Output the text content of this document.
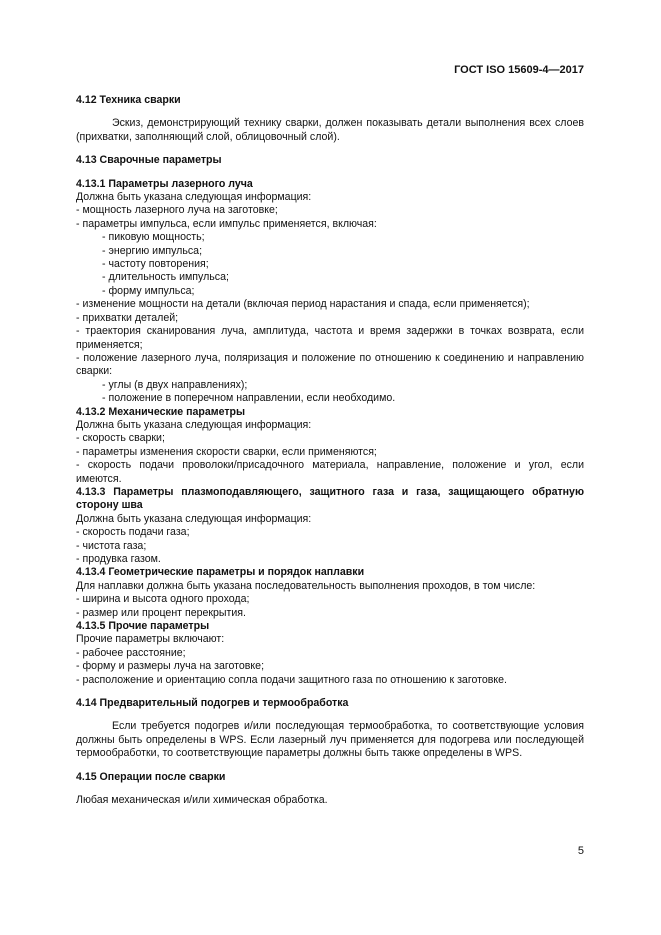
ГОСТ ISO 15609-4—2017

4.12 Техника сварки

Эскиз, демонстрирующий технику сварки, должен показывать детали выполнения всех слоев (прихватки, заполняющий слой, облицовочный слой).

4.13 Сварочные параметры

4.13.1 Параметры лазерного луча

Должна быть указана следующая информация:

- мощность лазерного луча на заготовке;

- параметры импульса, если импульс применяется, включая:

- пиковую мощность;

- энергию импульса;

- частоту повторения;

- длительность импульса;

- форму импульса;

- изменение мощности на детали (включая период нарастания и спада, если применяется);

- прихватки деталей;

- траектория сканирования луча, амплитуда, частота и время задержки в точках возврата, если применяется;

- положение лазерного луча, поляризация и положение по отношению к соединению и направлению сварки:

- углы (в двух направлениях);

- положение в поперечном направлении, если необходимо.

4.13.2 Механические параметры

Должна быть указана следующая информация:

- скорость сварки;

- параметры изменения скорости сварки, если применяются;

- скорость подачи проволоки/присадочного материала, направление, положение и угол, если имеются.

4.13.3 Параметры плазмоподавляющего, защитного газа и газа, защищающего обратную сторону шва

Должна быть указана следующая информация:

- скорость подачи газа;

- чистота газа;

- продувка газом.

4.13.4 Геометрические параметры и порядок наплавки

Для наплавки должна быть указана последовательность выполнения проходов, в том числе:

- ширина и высота одного прохода;

- размер или процент перекрытия.

4.13.5 Прочие параметры

Прочие параметры включают:

- рабочее расстояние;

- форму и размеры луча на заготовке;

- расположение и ориентацию сопла подачи защитного газа по отношению к заготовке.

4.14 Предварительный подогрев и термообработка

Если требуется подогрев и/или последующая термообработка, то соответствующие условия должны быть определены в WPS. Если лазерный луч применяется для подогрева или последующей термообработки, то соответствующие параметры должны быть также определены в WPS.

4.15 Операции после сварки

Любая механическая и/или химическая обработка.

5
